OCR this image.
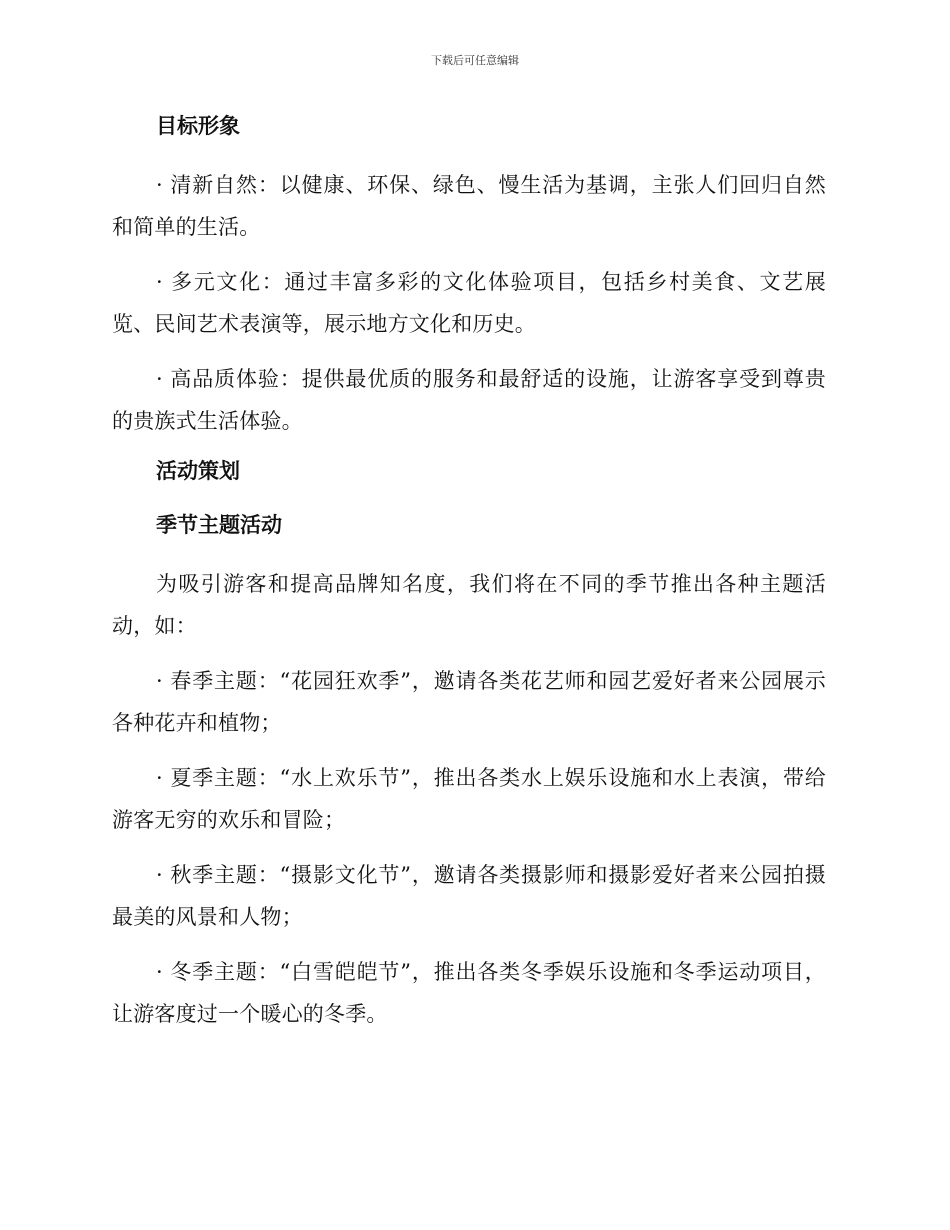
下载后可任意编辑
目标形象

· 清新自然：以健康、环保、绿色、慢生活为基调，主张人们回归自然和简单的生活。

· 多元文化：通过丰富多彩的文化体验项目，包括乡村美食、文艺展览、民间艺术表演等，展示地方文化和历史。

· 高品质体验：提供最优质的服务和最舒适的设施，让游客享受到尊贵的贵族式生活体验。

活动策划
季节主题活动

为吸引游客和提高品牌知名度，我们将在不同的季节推出各种主题活动，如：

· 春季主题：“花园狂欢季”，邀请各类花艺师和园艺爱好者来公园展示各种花卉和植物；

· 夏季主题：“水上欢乐节”，推出各类水上娱乐设施和水上表演，带给游客无穷的欢乐和冒险；

· 秋季主题：“摄影文化节”，邀请各类摄影师和摄影爱好者来公园拍摄最美的风景和人物；

· 冬季主题：“白雪皑皑节”，推出各类冬季娱乐设施和冬季运动项目，让游客度过一个暖心的冬季。
